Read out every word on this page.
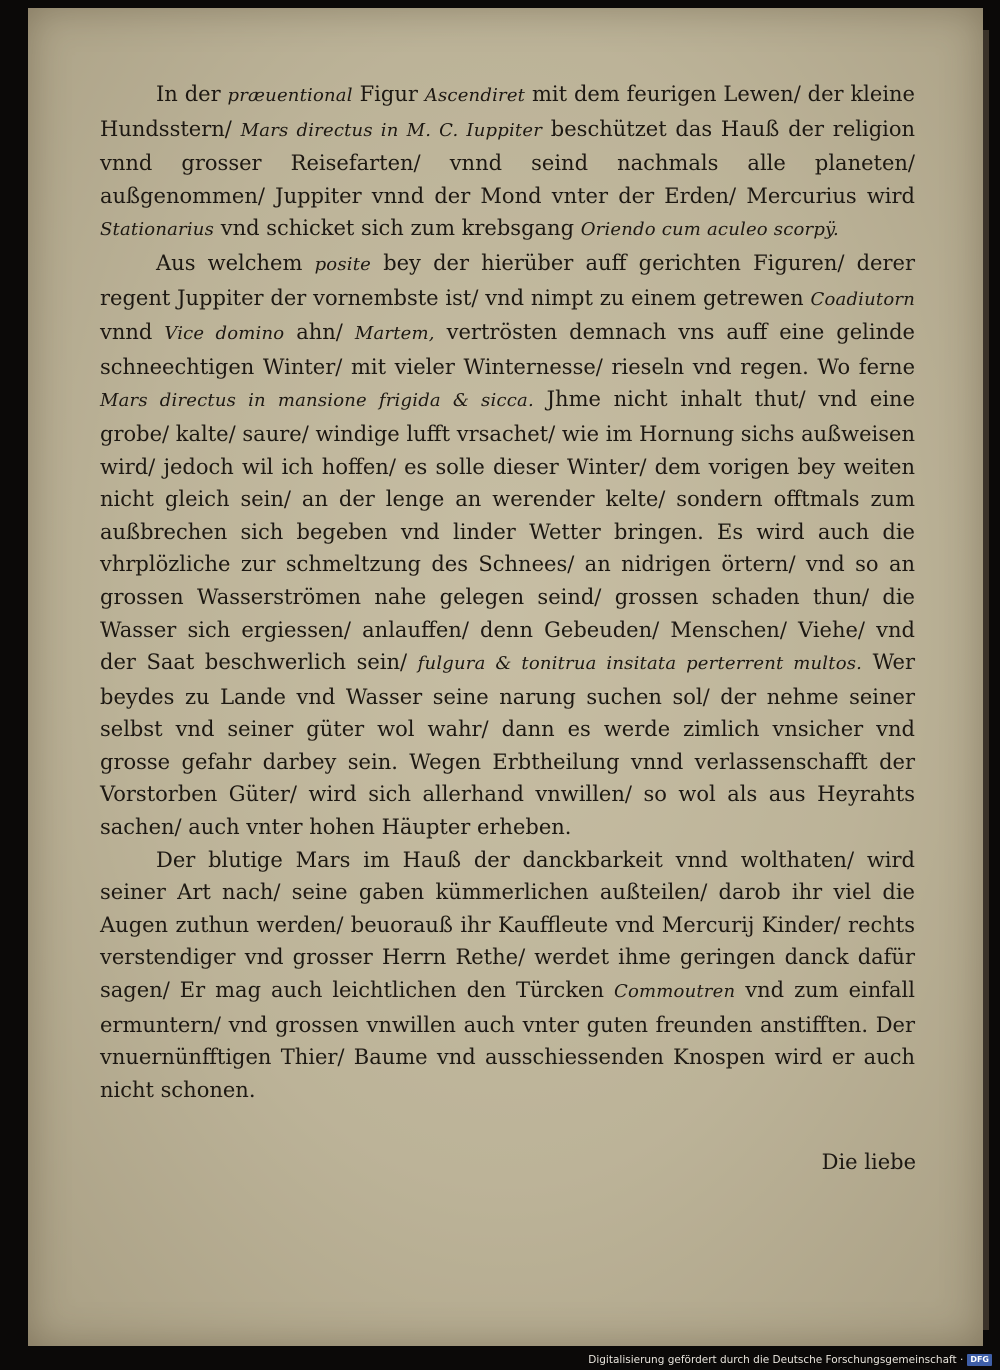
In der præuentional Figur Ascendiret mit dem feurigen Lewen/ der kleine Hundsstern/ Mars directus in M. C. Iuppiter beschützet das Hauß der religion vnnd grosser Reisefarten/ vnnd seind nachmals alle planeten/ außgenommen/ Juppiter vnnd der Mond vnter der Erden/ Mercurius wird Stationarius vnd schicket sich zum krebsgang Oriendo cum aculeo scorpÿ.

Aus welchem posite bey der hierüber auff gerichten Figuren/ derer regent Juppiter der vornembste ist/ vnd nimpt zu einem getrewen Coadiutorn vnnd Vice domino ahn/ Martem, vertrösten demnach vns auff eine gelinde schneechtigen Winter/ mit vieler Winternesse/ rieseln vnd regen. Wo ferne Mars directus in mansione frigida & sicca. Jhme nicht inhalt thut/ vnd eine grobe/ kalte/ saure/ windige lufft vrsachet/ wie im Hornung sichs außweisen wird/ jedoch wil ich hoffen/ es solle dieser Winter/ dem vorigen bey weiten nicht gleich sein/ an der lenge an werender kelte/ sondern offtmals zum außbrechen sich begeben vnd linder Wetter bringen. Es wird auch die vhrplözliche zur schmeltzung des Schnees/ an nidrigen örtern/ vnd so an grossen Wasserströmen nahe gelegen seind/ grossen schaden thun/ die Wasser sich ergiessen/ anlauffen/ denn Gebeuden/ Menschen/ Viehe/ vnd der Saat beschwerlich sein/ fulgura & tonitrua insitata perterrent multos. Wer beydes zu Lande vnd Wasser seine narung suchen sol/ der nehme seiner selbst vnd seiner güter wol wahr/ dann es werde zimlich vnsicher vnd grosse gefahr darbey sein. Wegen Erbtheilung vnnd verlassenschafft der Vorstorben Güter/ wird sich allerhand vnwillen/ so wol als aus Heyrahts sachen/ auch vnter hohen Häupter erheben.

Der blutige Mars im Hauß der danckbarkeit vnnd wolthaten/ wird seiner Art nach/ seine gaben kümmerlichen außteilen/ darob ihr viel die Augen zuthun werden/ beuorauß ihr Kauffleute vnd Mercurij Kinder/ rechts verstendiger vnd grosser Herrn Rethe/ werdet ihme geringen danck dafür sagen/ Er mag auch leichtlichen den Türcken Commoutren vnd zum einfall ermuntern/ vnd grossen vnwillen auch vnter guten freunden anstifften. Der vnuernünfftigen Thier/ Baume vnd ausschiessenden Knospen wird er auch nicht schonen.

Die liebe
Digitalisierung gefördert durch die Deutsche Forschungsgemeinschaft · DFG
